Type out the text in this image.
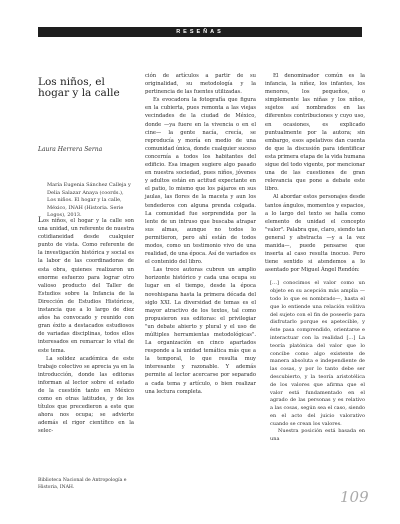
RESEÑAS
Los niños, el hogar y la calle
Laura Herrera Serna
María Eugenia Sánchez Calleja y Delia Salazar Anaya (coords.), Los niños. El hogar y la calle, México, INAH (Historia. Serie Logos), 2013.

Los niños, el hogar y la calle son una unidad, un referente de nuestra cotidianeidad desde cualquier punto de vista. Como referente de la investigación histórica y social es la labor de las coordinadoras de esta obra, quienes realizaron un enorme esfuerzo para lograr otro valioso producto del Taller de Estudios sobre la Infancia de la Dirección de Estudios Históricos, instancia que a lo largo de diez años ha convocado y reunido con gran éxito a destacados estudiosos de variadas disciplinas, todos ellos interesados en remarcar lo vital de este tema.

La solidez académica de este trabajo colectivo se aprecia ya en la introducción, donde las editoras informan al lector sobre el estado de la cuestión tanto en México como en otras latitudes, y de los títulos que precedieron a este que ahora nos ocupa; se advierte además el rigor científico en la selec-

ción de artículos a partir de su originalidad, su metodología y la pertinencia de las fuentes utilizadas.

Es evocadora la fotografía que figura en la cubierta, pues remonta a las viejas vecindades de la ciudad de México, donde —ya fuere en la vivencia o en el cine— la gente nacía, crecía, se reproducía y moría en medio de una comunidad única, donde cualquier suceso concernía a todos los habitantes del edificio. Esa imagen sugiere algo pasado en nuestra sociedad, pues niños, jóvenes y adultos están en actitud expectante en el patio, lo mismo que los pájaros en sus jaulas, las flores de la maceta y aun los tendederos con alguna prenda colgada. La comunidad fue sorprendida por la lente de un intruso que buscaba atrapar sus almas, aunque no todos lo permitieron, pero ahí están de todos modos, como un testimonio vivo de una realidad, de una época. Así de variados es el contenido del libro.

Las trece autoras cubren un amplio horizonte histórico y cada una ocupa su lugar en el tiempo, desde la época novohispana hasta la primera década del siglo XXI. La diversidad de temas es el mayor atractivo de los textos, tal como propusieron sus editoras: el privilegiar "un debate abierto y plural y el uso de múltiples herramientas metodológicas". La organización en cinco apartados responde a la unidad temática más que a la temporal, lo que resulta muy interesante y razonable. Y además permite al lector acercarse por separado a cada tema y artículo, o bien realizar una lectura completa.

El denominador común es la infancia, la niñez, los infantes, los menores, los pequeños, o simplemente las niñas y los niños, sujetos así nombrados en las diferentes contribuciones y cuyo uso, en ocasiones, es explicado puntualmente por la autora; sin embargo, esos apelativos dan cuenta de que la discusión para identificar esta primera etapa de la vida humana sigue del todo vigente, por mencionar una de las cuestiones de gran relevancia que pone a debate este libro.

Al abordar estos personajes desde tantos ángulos, momentos y espacios, a lo largo del texto se halla como elemento de unidad el concepto "valor". Palabra que, claro, siendo tan general y abstracta —y a la vez manida—, puede pensarse que inserta al caso resulta inocuo. Pero tiene sentido si atendemos a lo asentado por Miguel Ángel Rendón:

[…] conocimos el valor como un objeto en su acepción más amplia —todo lo que es nombrado—, hasta el que lo entiende una relación volitiva del sujeto con el fin de poseerlo para disfrutarlo porque es apetecible, y éste pasa comprendido, orientarse e interactuar con la realidad […] La teoría platónica del valor que lo concibe como algo existente de manera absoluta e independiente de las cosas, y por lo tanto debe ser descubierto, y la teoría aristotélica de los valores que afirma que el valor está fundamentado en el agrado de las personas y es relativo a las cosas, según sea el caso, siendo en el acto del juicio valorativo cuando se crean los valores.

Nuestra posición está basada en una

Biblioteca Nacional de Antropología e Historia, INAH.
109
